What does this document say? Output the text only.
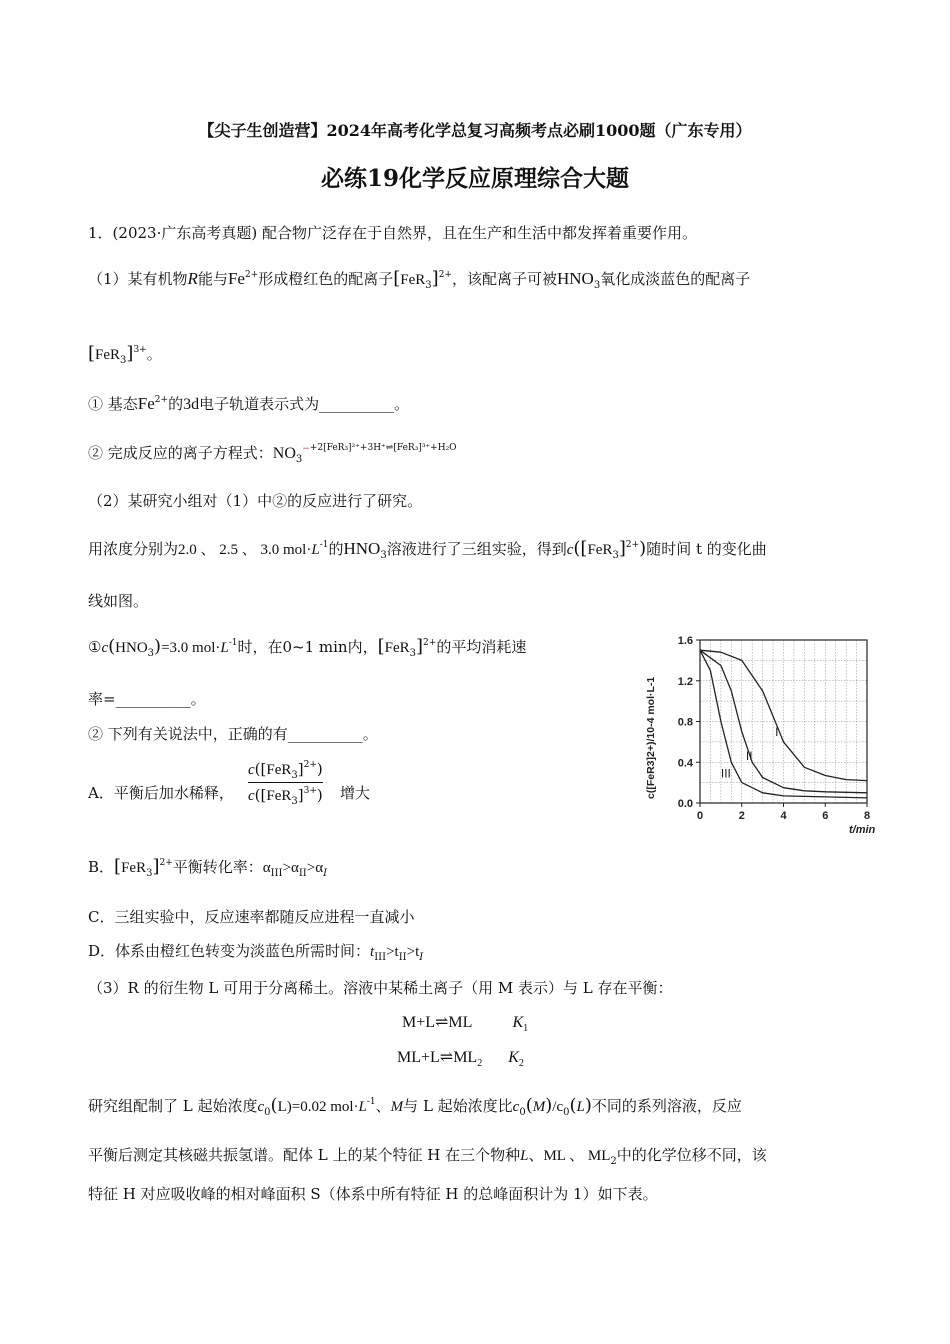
【尖子生创造营】2024年高考化学总复习高频考点必刷1000题（广东专用）
必练19化学反应原理综合大题
1．(2023·广东高考真题) 配合物广泛存在于自然界，且在生产和生活中都发挥着重要作用。
（1）某有机物R能与$Fe^{2+}$形成橙红色的配离子$[FeR_3]^{2+}$，该配离子可被$HNO_3$氧化成淡蓝色的配离子
$[FeR_3]^{3+}$。
① 基态$Fe^{2+}$的3d电子轨道表示式为__________。
② 完成反应的离子方程式：$NO_3^{-+2[FeR_3]^{2+}+3H^+\rightleftharpoons[FeR_3]^{3+}+H_2O}$
（2）某研究小组对（1）中②的反应进行了研究。
用浓度分别为2.0 、 2.5 、 3.0 $mol\cdot L^{-1}$的$HNO_3$溶液进行了三组实验，得到$c([FeR_3]^{2+})$随时间 t 的变化曲
线如图。
$①c(HNO_3)=3.0$ $mol\cdot L^{-1}$时，在0~1 min内，$[FeR_3]^{2+}$的平均消耗速
率=__________。
② 下列有关说法中，正确的有__________。
A．平衡后加水稀释，
$c([FeR_3]^{2+})$
$c([FeR_3]^{3+})$ 增大
B．$[FeR_3]^{2+}$平衡转化率：$\alpha_{III}>\alpha_{II}>\alpha_I$
C．三组实验中，反应速率都随反应进程一直减小
D．体系由橙红色转变为淡蓝色所需时间：$t_{III}>t_{II}>t_I$
（3）R 的衍生物 L 可用于分离稀土。溶液中某稀土离子（用 M 表示）与 L 存在平衡：
M+L⇌ML	$K_1$
$ML+L\rightleftharpoons ML_2$ $K_2$
研究组配制了 L 起始浓度$c_0(L)=0.02$ $mol\cdot L^{-1}$、M与 L 起始浓度比$c_0(M)/c_0(L)$不同的系列溶液，反应
平衡后测定其核磁共振氢谱。配体 L 上的某个特征 H 在三个物种L、ML 、 $ML_2$中的化学位移不同，该
特征 H 对应吸收峰的相对峰面积 S（体系中所有特征 H 的总峰面积计为 1）如下表。
0	2	4	6	8
0.0
0.4
0.8
1.2
1.6
t/min
c([FeR3]2+)/10-4 mol·L-1	I
II
III
